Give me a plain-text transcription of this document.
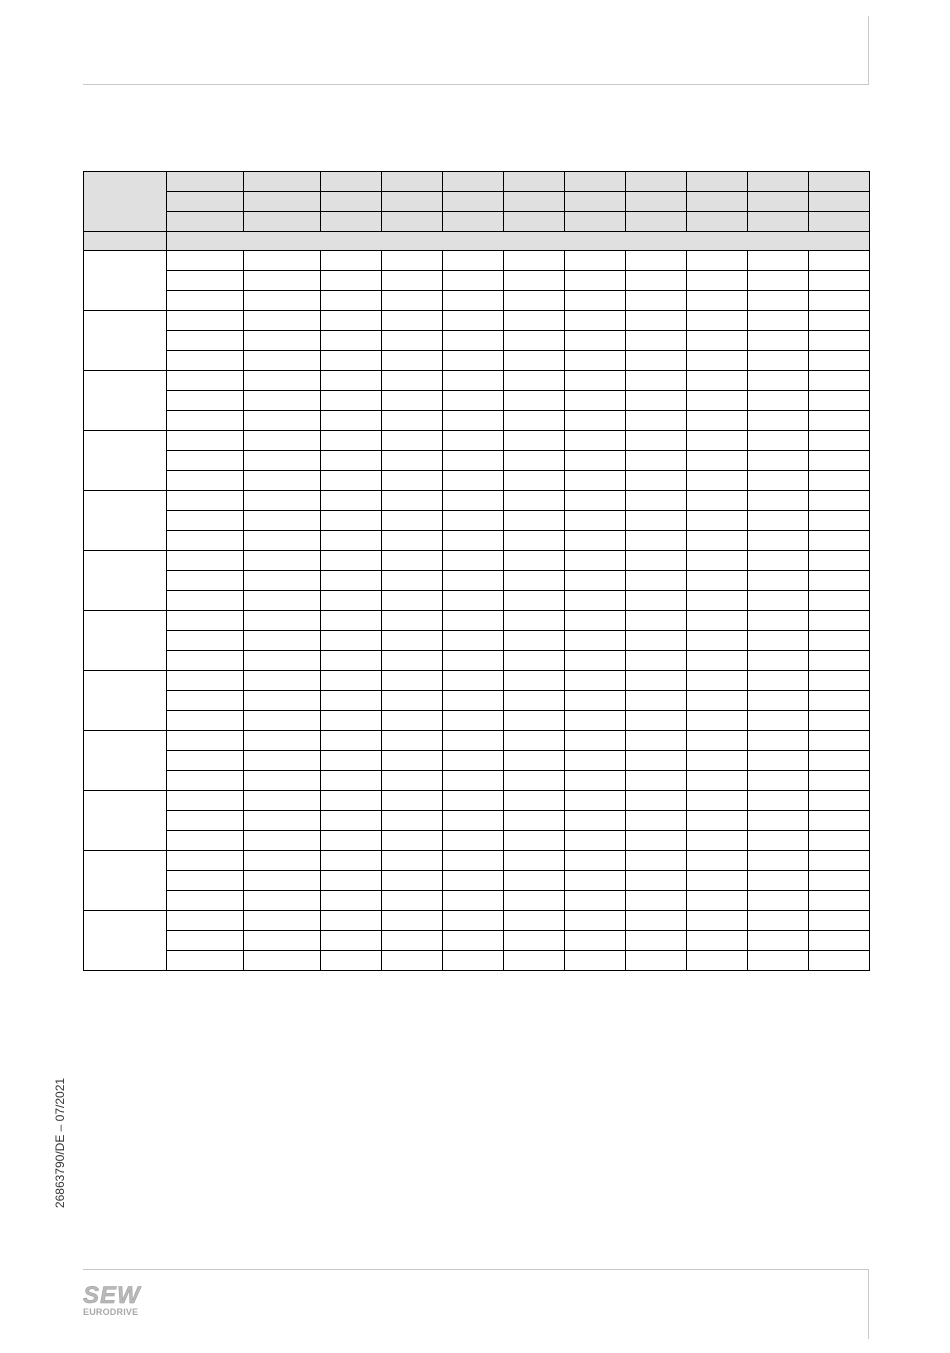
26863790/DE – 07/2021
SEW
EURODRIVE
